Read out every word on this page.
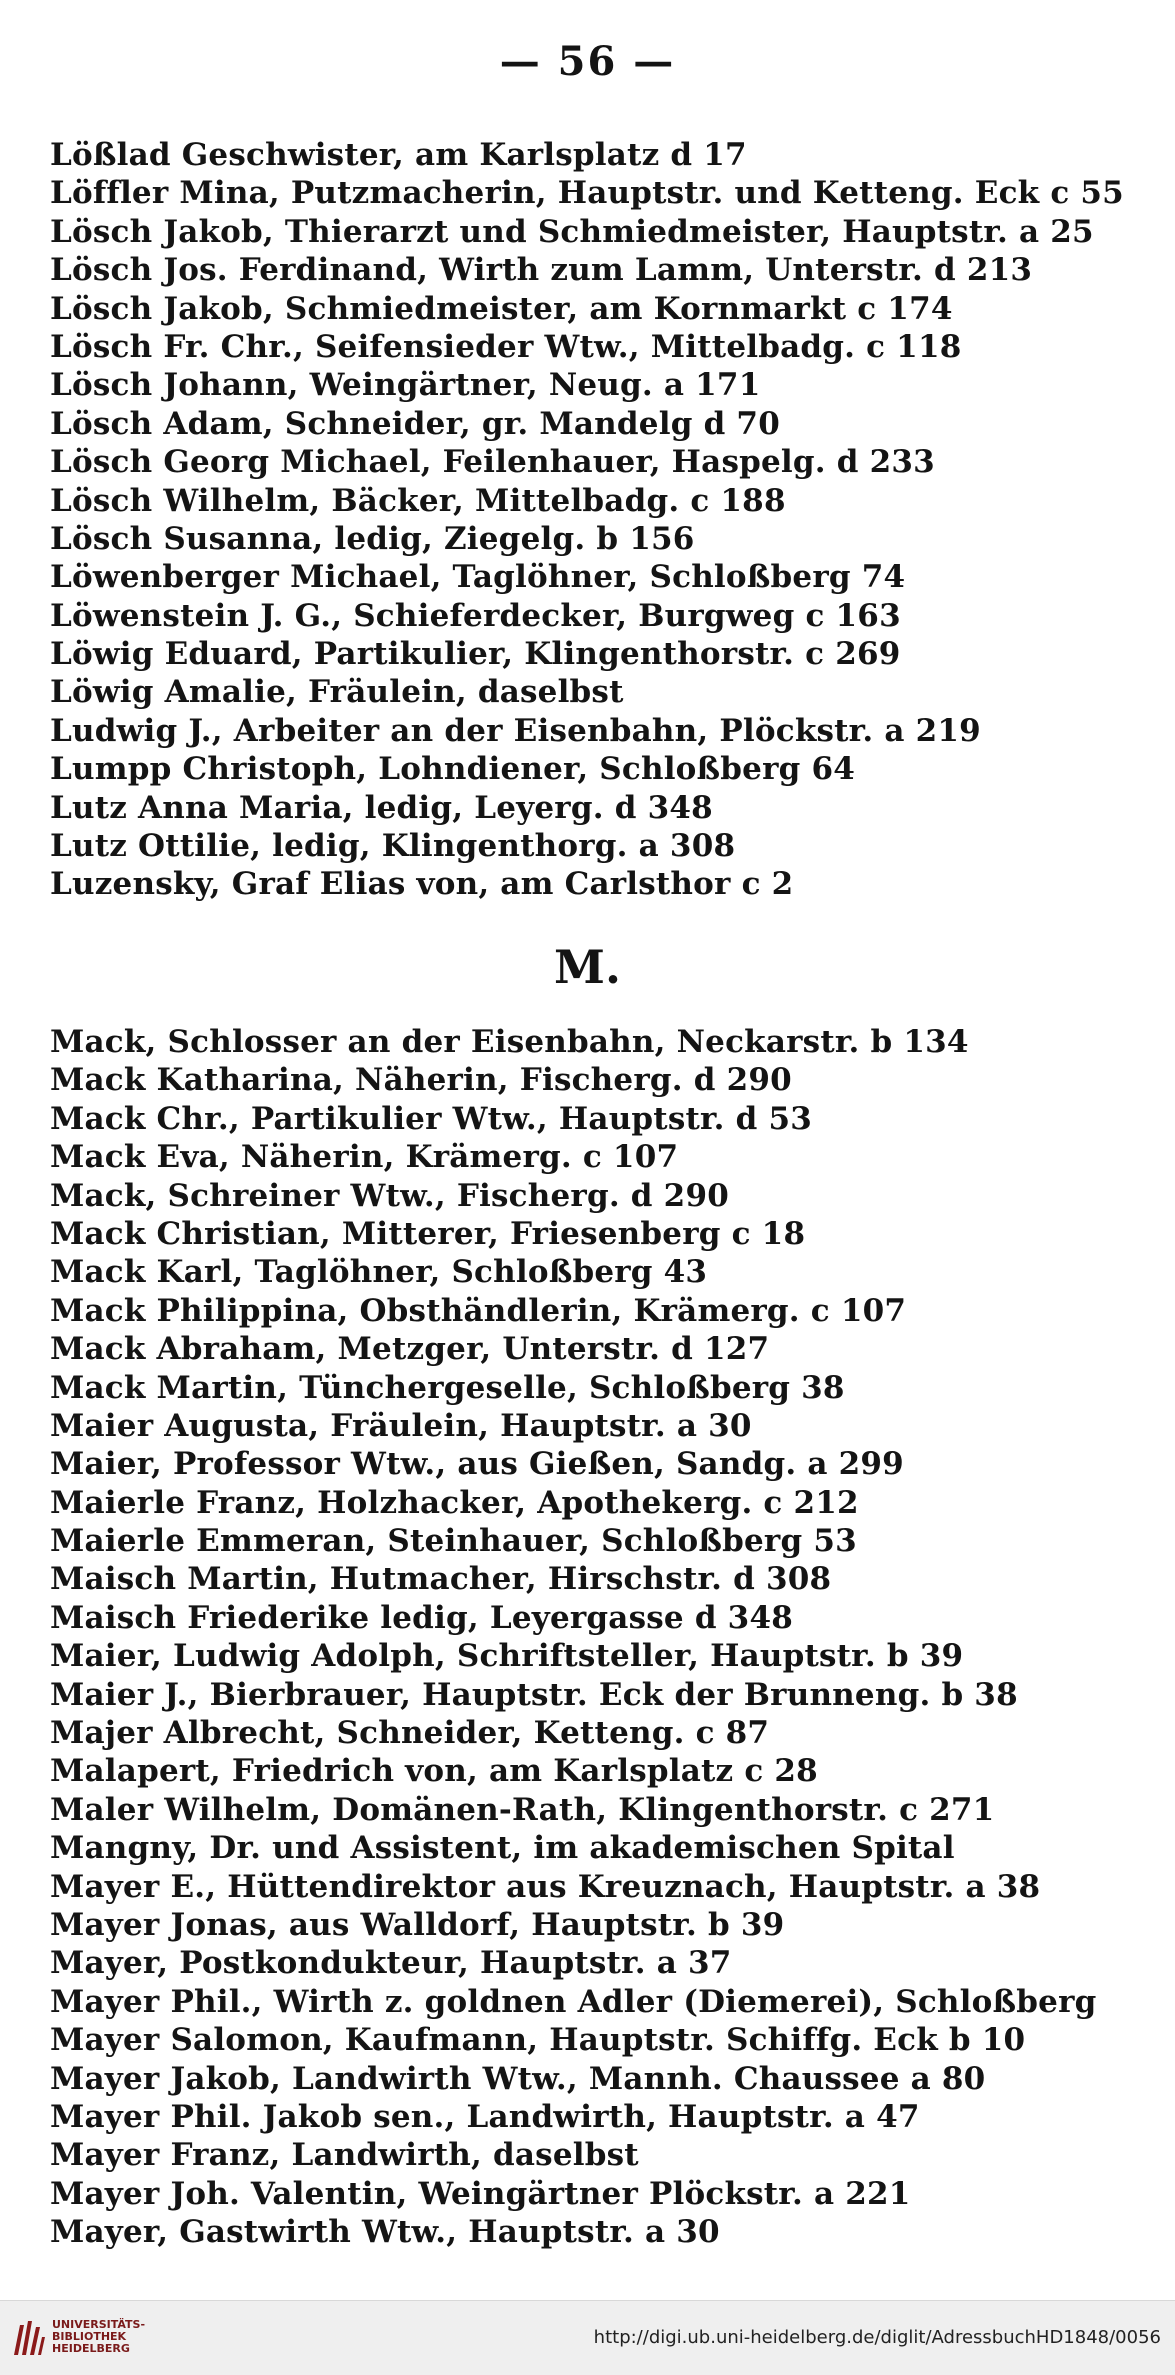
— 56 —
Lößlad Geschwister, am Karlsplatz d 17
Löffler Mina, Putzmacherin, Hauptstr. und Ketteng. Eck c 55
Lösch Jakob, Thierarzt und Schmiedmeister, Hauptstr. a 25
Lösch Jos. Ferdinand, Wirth zum Lamm, Unterstr. d 213
Lösch Jakob, Schmiedmeister, am Kornmarkt c 174
Lösch Fr. Chr., Seifensieder Wtw., Mittelbadg. c 118
Lösch Johann, Weingärtner, Neug. a 171
Lösch Adam, Schneider, gr. Mandelg d 70
Lösch Georg Michael, Feilenhauer, Haspelg. d 233
Lösch Wilhelm, Bäcker, Mittelbadg. c 188
Lösch Susanna, ledig, Ziegelg. b 156
Löwenberger Michael, Taglöhner, Schloßberg 74
Löwenstein J. G., Schieferdecker, Burgweg c 163
Löwig Eduard, Partikulier, Klingenthorstr. c 269
Löwig Amalie, Fräulein, daselbst
Ludwig J., Arbeiter an der Eisenbahn, Plöckstr. a 219
Lumpp Christoph, Lohndiener, Schloßberg 64
Lutz Anna Maria, ledig, Leyerg. d 348
Lutz Ottilie, ledig, Klingenthorg. a 308
Luzensky, Graf Elias von, am Carlsthor c 2
M.
Mack, Schlosser an der Eisenbahn, Neckarstr. b 134
Mack Katharina, Näherin, Fischerg. d 290
Mack Chr., Partikulier Wtw., Hauptstr. d 53
Mack Eva, Näherin, Krämerg. c 107
Mack, Schreiner Wtw., Fischerg. d 290
Mack Christian, Mitterer, Friesenberg c 18
Mack Karl, Taglöhner, Schloßberg 43
Mack Philippina, Obsthändlerin, Krämerg. c 107
Mack Abraham, Metzger, Unterstr. d 127
Mack Martin, Tünchergeselle, Schloßberg 38
Maier Augusta, Fräulein, Hauptstr. a 30
Maier, Professor Wtw., aus Gießen, Sandg. a 299
Maierle Franz, Holzhacker, Apothekerg. c 212
Maierle Emmeran, Steinhauer, Schloßberg 53
Maisch Martin, Hutmacher, Hirschstr. d 308
Maisch Friederike ledig, Leyergasse d 348
Maier, Ludwig Adolph, Schriftsteller, Hauptstr. b 39
Maier J., Bierbrauer, Hauptstr. Eck der Brunneng. b 38
Majer Albrecht, Schneider, Ketteng. c 87
Malapert, Friedrich von, am Karlsplatz c 28
Maler Wilhelm, Domänen-Rath, Klingenthorstr. c 271
Mangny, Dr. und Assistent, im akademischen Spital
Mayer E., Hüttendirektor aus Kreuznach, Hauptstr. a 38
Mayer Jonas, aus Walldorf, Hauptstr. b 39
Mayer, Postkondukteur, Hauptstr. a 37
Mayer Phil., Wirth z. goldnen Adler (Diemerei), Schloßberg
Mayer Salomon, Kaufmann, Hauptstr. Schiffg. Eck b 10
Mayer Jakob, Landwirth Wtw., Mannh. Chaussee a 80
Mayer Phil. Jakob sen., Landwirth, Hauptstr. a 47
Mayer Franz, Landwirth, daselbst
Mayer Joh. Valentin, Weingärtner Plöckstr. a 221
Mayer, Gastwirth Wtw., Hauptstr. a 30
UNIVERSITÄTS-
BIBLIOTHEK
HEIDELBERG
http://digi.ub.uni-heidelberg.de/diglit/AdressbuchHD1848/0056
